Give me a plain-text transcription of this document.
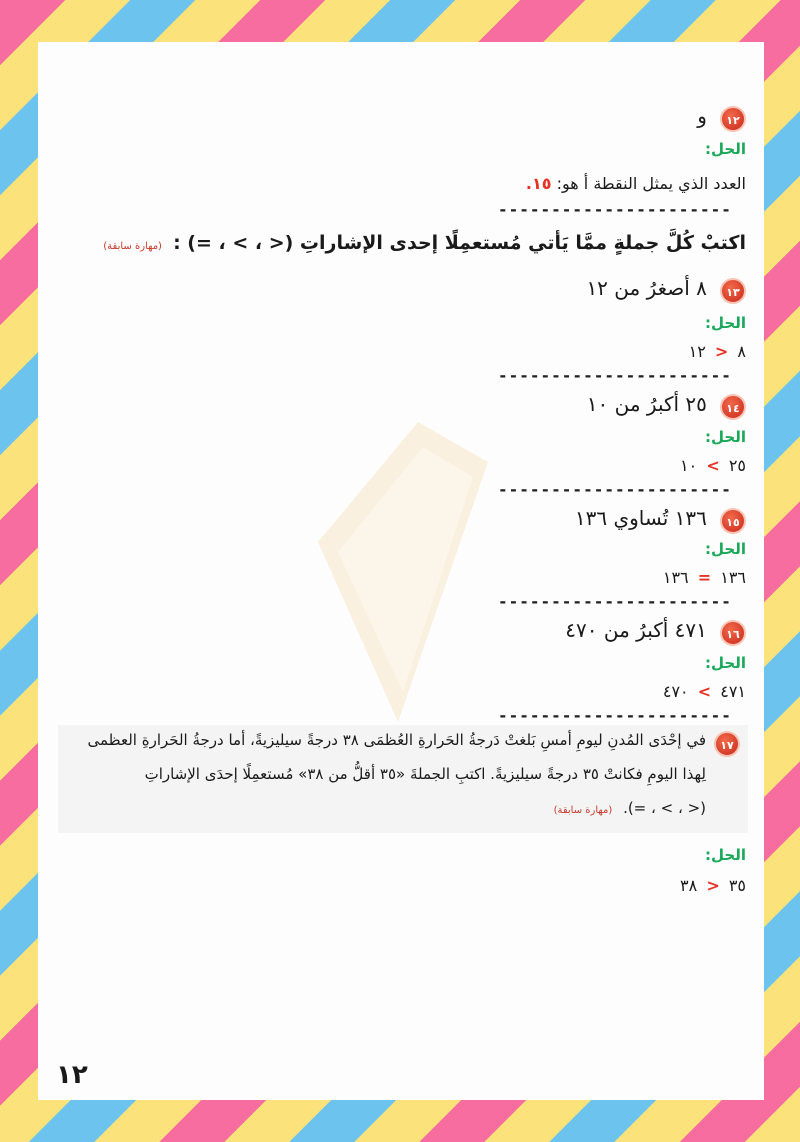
١٢ و
الحل:
العدد الذي يمثل النقطة أ هو: ١٥.
----------------------
اكتبْ كُلَّ جملةٍ ممَّا يَأتي مُستعمِلًا إحدى الإشاراتِ (< ، > ، =) : (مهارة سابقة)
١٣ ٨ أصغرُ من ١٢
الحل:
٨ < ١٢
----------------------
١٤ ٢٥ أكبرُ من ١٠
الحل:
٢٥ > ١٠
----------------------
١٥ ١٣٦ تُساوي ١٣٦
الحل:
١٣٦ = ١٣٦
----------------------
١٦ ٤٧١ أكبرُ من ٤٧٠
الحل:
٤٧١ > ٤٧٠
----------------------
١٧
في إحْدَى المُدنِ ليومِ أمسِ بَلغتْ دَرجةُ الحَرارةِ العُظمَى ٣٨ درجةً سيليزيةً، أما درجةُ الحَرارةِ العظمى
لِهذا اليومِ فكانتْ ٣٥ درجةً سيليزيةً. اكتبِ الجملةَ «٣٥ أقلُّ من ٣٨» مُستعمِلًا إحدَى الإشاراتِ
(< ، > ، =). (مهارة سابقة)
الحل:
٣٥ < ٣٨
١٢
